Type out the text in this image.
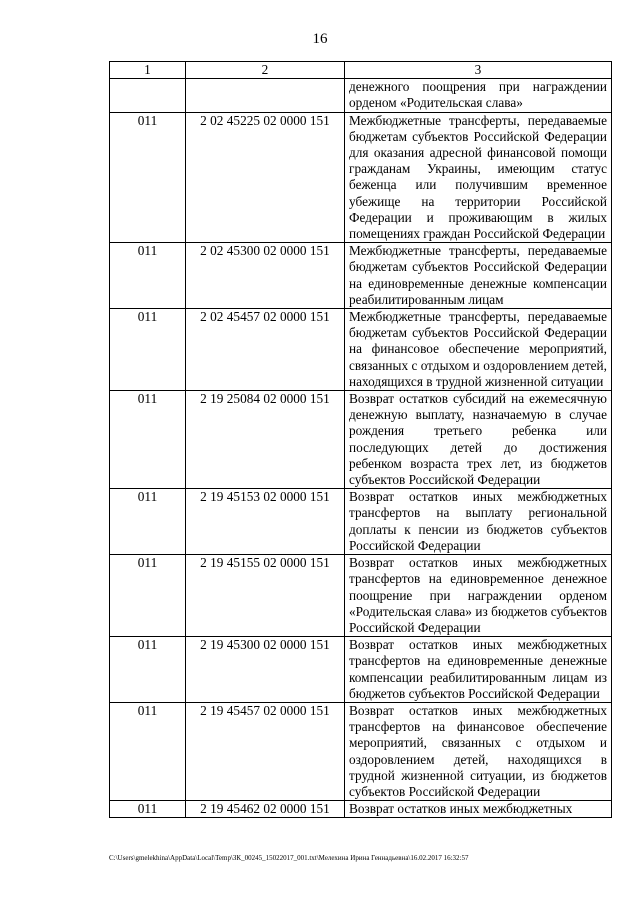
16
1	2	3
		денежного поощрения при награждении орденом «Родительская слава»
011	2 02 45225 02 0000 151	Межбюджетные трансферты, передаваемые бюджетам субъектов Российской Федерации для оказания адресной финансовой помощи гражданам Украины, имеющим статус беженца или получившим временное убежище на территории Российской Федерации и проживающим в жилых помещениях граждан Российской Федерации
011	2 02 45300 02 0000 151	Межбюджетные трансферты, передаваемые бюджетам субъектов Российской Федерации на единовременные денежные компенсации реабилитированным лицам
011	2 02 45457 02 0000 151	Межбюджетные трансферты, передаваемые бюджетам субъектов Российской Федерации на финансовое обеспечение мероприятий, связанных с отдыхом и оздоровлением детей, находящихся в трудной жизненной ситуации
011	2 19 25084 02 0000 151	Возврат остатков субсидий на ежемесячную денежную выплату, назначаемую в случае рождения третьего ребенка или последующих детей до достижения ребенком возраста трех лет, из бюджетов субъектов Российской Федерации
011	2 19 45153 02 0000 151	Возврат остатков иных межбюджетных трансфертов на выплату региональной доплаты к пенсии из бюджетов субъектов Российской Федерации
011	2 19 45155 02 0000 151	Возврат остатков иных межбюджетных трансфертов на единовременное денежное поощрение при награждении орденом «Родительская слава» из бюджетов субъектов Российской Федерации
011	2 19 45300 02 0000 151	Возврат остатков иных межбюджетных трансфертов на единовременные денежные компенсации реабилитированным лицам из бюджетов субъектов Российской Федерации
011	2 19 45457 02 0000 151	Возврат остатков иных межбюджетных трансфертов на финансовое обеспечение мероприятий, связанных с отдыхом и оздоровлением детей, находящихся в трудной жизненной ситуации, из бюджетов субъектов Российской Федерации
011	2 19 45462 02 0000 151	Возврат остатков иных межбюджетных
C:\Users\gmelekhina\AppData\Local\Temp\ЗК_00245_15022017_001.txt\Мелехина Ирина Геннадьевна\16.02.2017 16:32:57
